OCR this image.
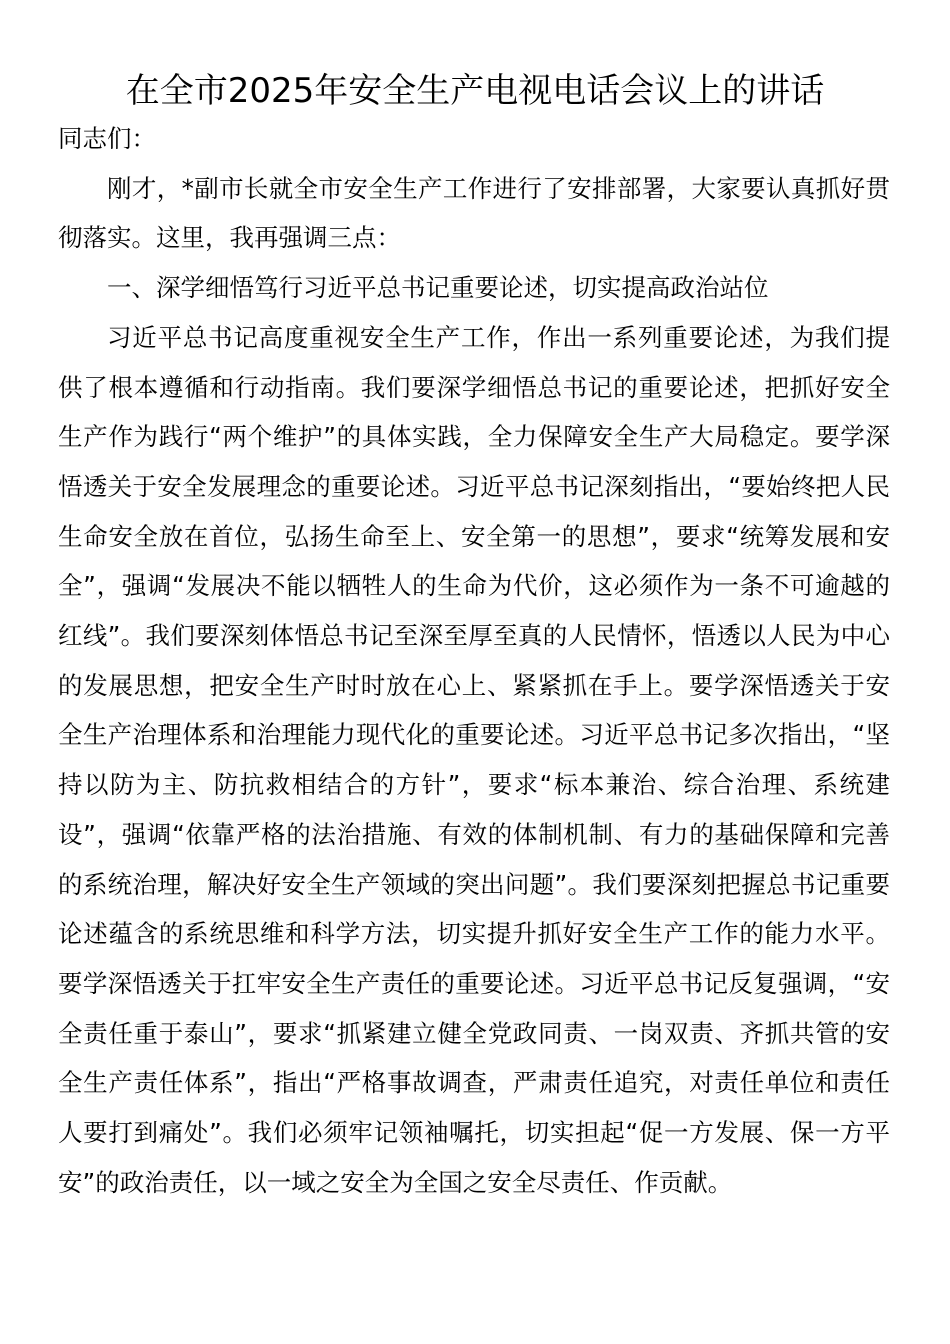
在全市2025年安全生产电视电话会议上的讲话

同志们：

刚才，*副市长就全市安全生产工作进行了安排部署，大家要认真抓好贯彻落实。这里，我再强调三点：

一、深学细悟笃行习近平总书记重要论述，切实提高政治站位

习近平总书记高度重视安全生产工作，作出一系列重要论述，为我们提供了根本遵循和行动指南。我们要深学细悟总书记的重要论述，把抓好安全生产作为践行“两个维护”的具体实践，全力保障安全生产大局稳定。要学深悟透关于安全发展理念的重要论述。习近平总书记深刻指出，“要始终把人民生命安全放在首位，弘扬生命至上、安全第一的思想”，要求“统筹发展和安全”，强调“发展决不能以牺牲人的生命为代价，这必须作为一条不可逾越的红线”。我们要深刻体悟总书记至深至厚至真的人民情怀，悟透以人民为中心的发展思想，把安全生产时时放在心上、紧紧抓在手上。要学深悟透关于安全生产治理体系和治理能力现代化的重要论述。习近平总书记多次指出，“坚持以防为主、防抗救相结合的方针”，要求“标本兼治、综合治理、系统建设”，强调“依靠严格的法治措施、有效的体制机制、有力的基础保障和完善的系统治理，解决好安全生产领域的突出问题”。我们要深刻把握总书记重要论述蕴含的系统思维和科学方法，切实提升抓好安全生产工作的能力水平。要学深悟透关于扛牢安全生产责任的重要论述。习近平总书记反复强调，“安全责任重于泰山”，要求“抓紧建立健全党政同责、一岗双责、齐抓共管的安全生产责任体系”，指出“严格事故调查，严肃责任追究，对责任单位和责任人要打到痛处”。我们必须牢记领袖嘱托，切实担起“促一方发展、保一方平安”的政治责任，以一域之安全为全国之安全尽责任、作贡献。
